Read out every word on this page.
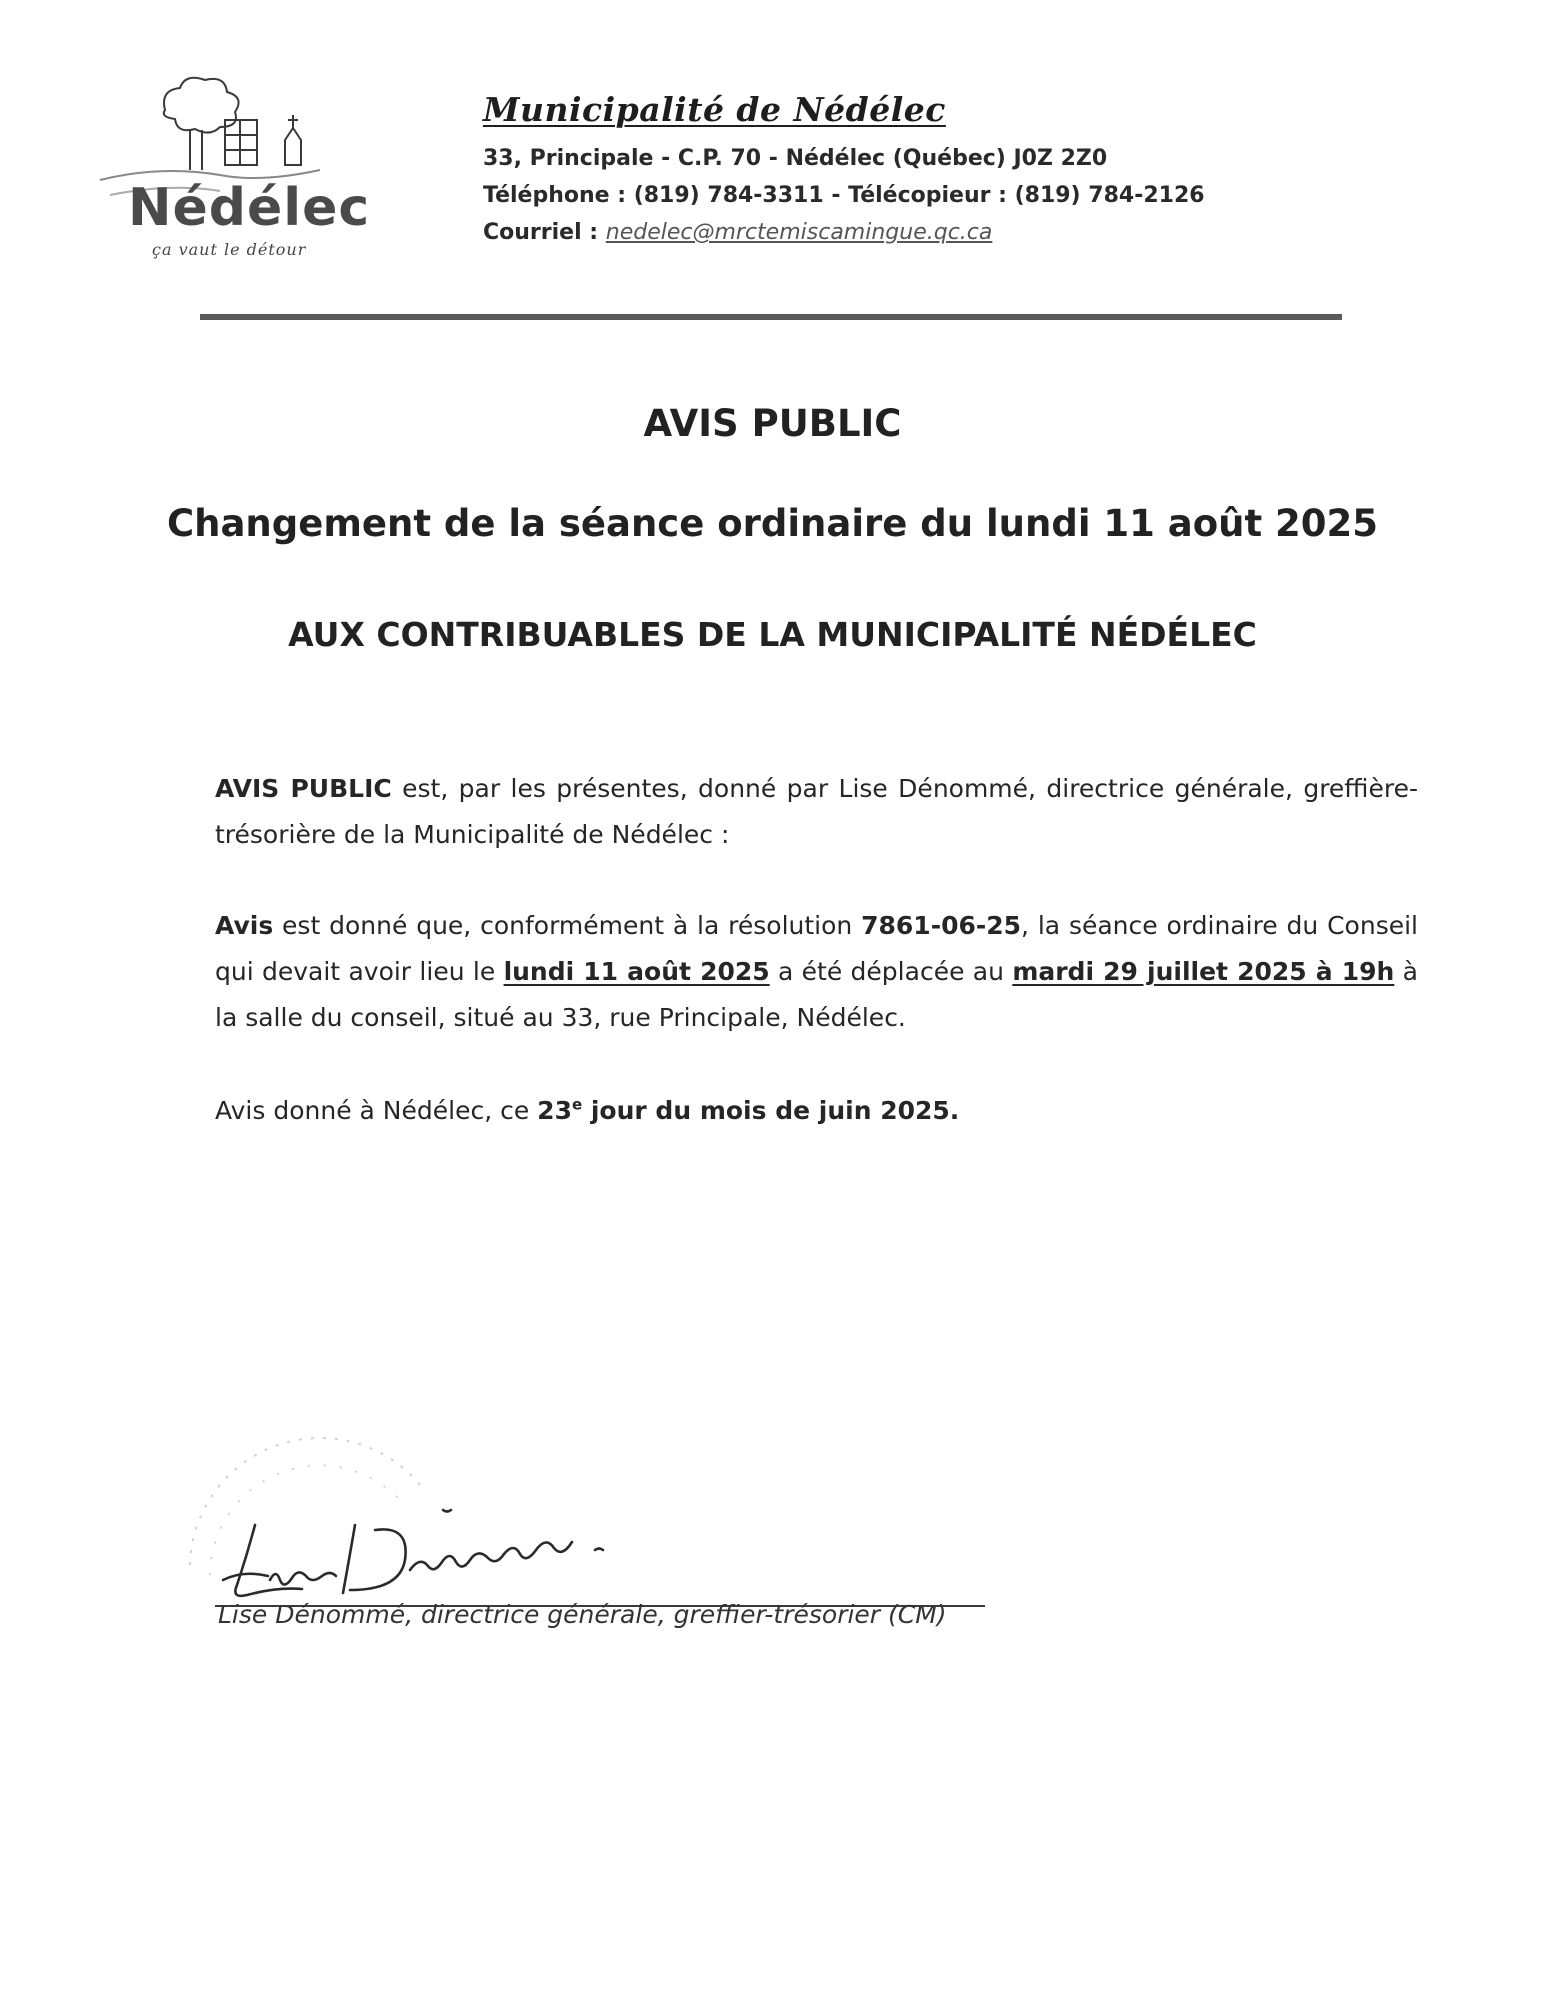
Nédélec
ça vaut le détour
Municipalité de Nédélec
33, Principale - C.P. 70 - Nédélec (Québec) J0Z 2Z0
Téléphone : (819) 784-3311 - Télécopieur : (819) 784-2126
Courriel : nedelec@mrctemiscamingue.qc.ca
AVIS PUBLIC
Changement de la séance ordinaire du lundi 11 août 2025
AUX CONTRIBUABLES DE LA MUNICIPALITÉ NÉDÉLEC

AVIS PUBLIC est, par les présentes, donné par Lise Dénommé, directrice générale, greffière-trésorière de la Municipalité de Nédélec :

Avis est donné que, conformément à la résolution 7861-06-25, la séance ordinaire du Conseil qui devait avoir lieu le lundi 11 août 2025 a été déplacée au mardi 29 juillet 2025 à 19h à la salle du conseil, situé au 33, rue Principale, Nédélec.

Avis donné à Nédélec, ce 23e jour du mois de juin 2025.

Lise Dénommé, directrice générale, greffier-trésorier (CM)
